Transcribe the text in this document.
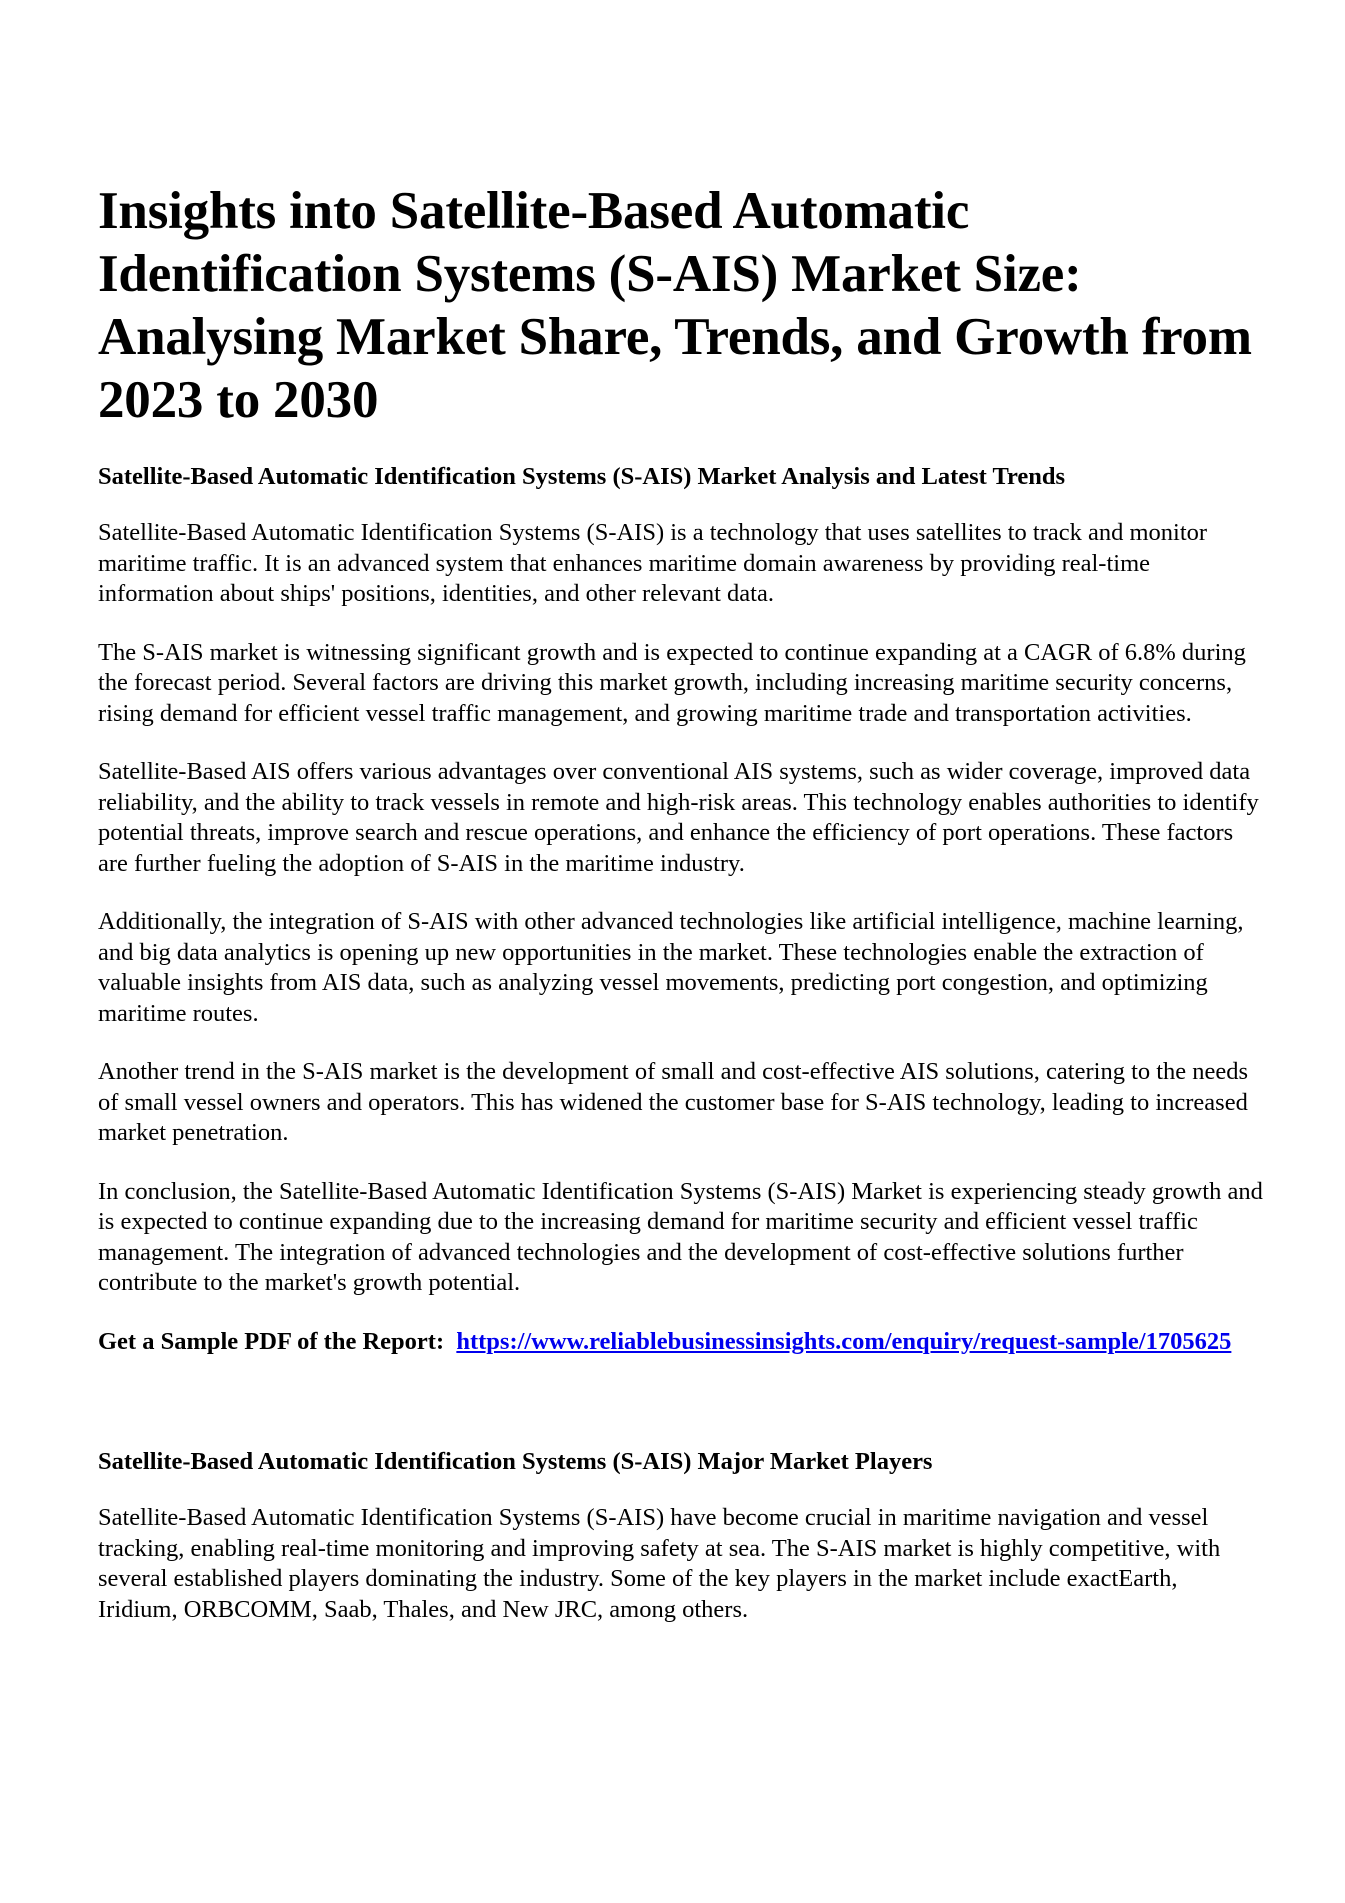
Insights into Satellite-Based Automatic Identification Systems (S-AIS) Market Size: Analysing Market Share, Trends, and Growth from 2023 to 2030
Satellite-Based Automatic Identification Systems (S-AIS) Market Analysis and Latest Trends

Satellite-Based Automatic Identification Systems (S-AIS) is a technology that uses satellites to track and monitor maritime traffic. It is an advanced system that enhances maritime domain awareness by providing real-time information about ships' positions, identities, and other relevant data.

The S-AIS market is witnessing significant growth and is expected to continue expanding at a CAGR of 6.8% during the forecast period. Several factors are driving this market growth, including increasing maritime security concerns, rising demand for efficient vessel traffic management, and growing maritime trade and transportation activities.

Satellite-Based AIS offers various advantages over conventional AIS systems, such as wider coverage, improved data reliability, and the ability to track vessels in remote and high-risk areas. This technology enables authorities to identify potential threats, improve search and rescue operations, and enhance the efficiency of port operations. These factors are further fueling the adoption of S-AIS in the maritime industry.

Additionally, the integration of S-AIS with other advanced technologies like artificial intelligence, machine learning, and big data analytics is opening up new opportunities in the market. These technologies enable the extraction of valuable insights from AIS data, such as analyzing vessel movements, predicting port congestion, and optimizing maritime routes.

Another trend in the S-AIS market is the development of small and cost-effective AIS solutions, catering to the needs of small vessel owners and operators. This has widened the customer base for S-AIS technology, leading to increased market penetration.

In conclusion, the Satellite-Based Automatic Identification Systems (S-AIS) Market is experiencing steady growth and is expected to continue expanding due to the increasing demand for maritime security and efficient vessel traffic management. The integration of advanced technologies and the development of cost-effective solutions further contribute to the market's growth potential.

Get a Sample PDF of the Report: https://www.reliablebusinessinsights.com/enquiry/request-sample/1705625

Satellite-Based Automatic Identification Systems (S-AIS) Major Market Players

Satellite-Based Automatic Identification Systems (S-AIS) have become crucial in maritime navigation and vessel tracking, enabling real-time monitoring and improving safety at sea. The S-AIS market is highly competitive, with several established players dominating the industry. Some of the key players in the market include exactEarth, Iridium, ORBCOMM, Saab, Thales, and New JRC, among others.
